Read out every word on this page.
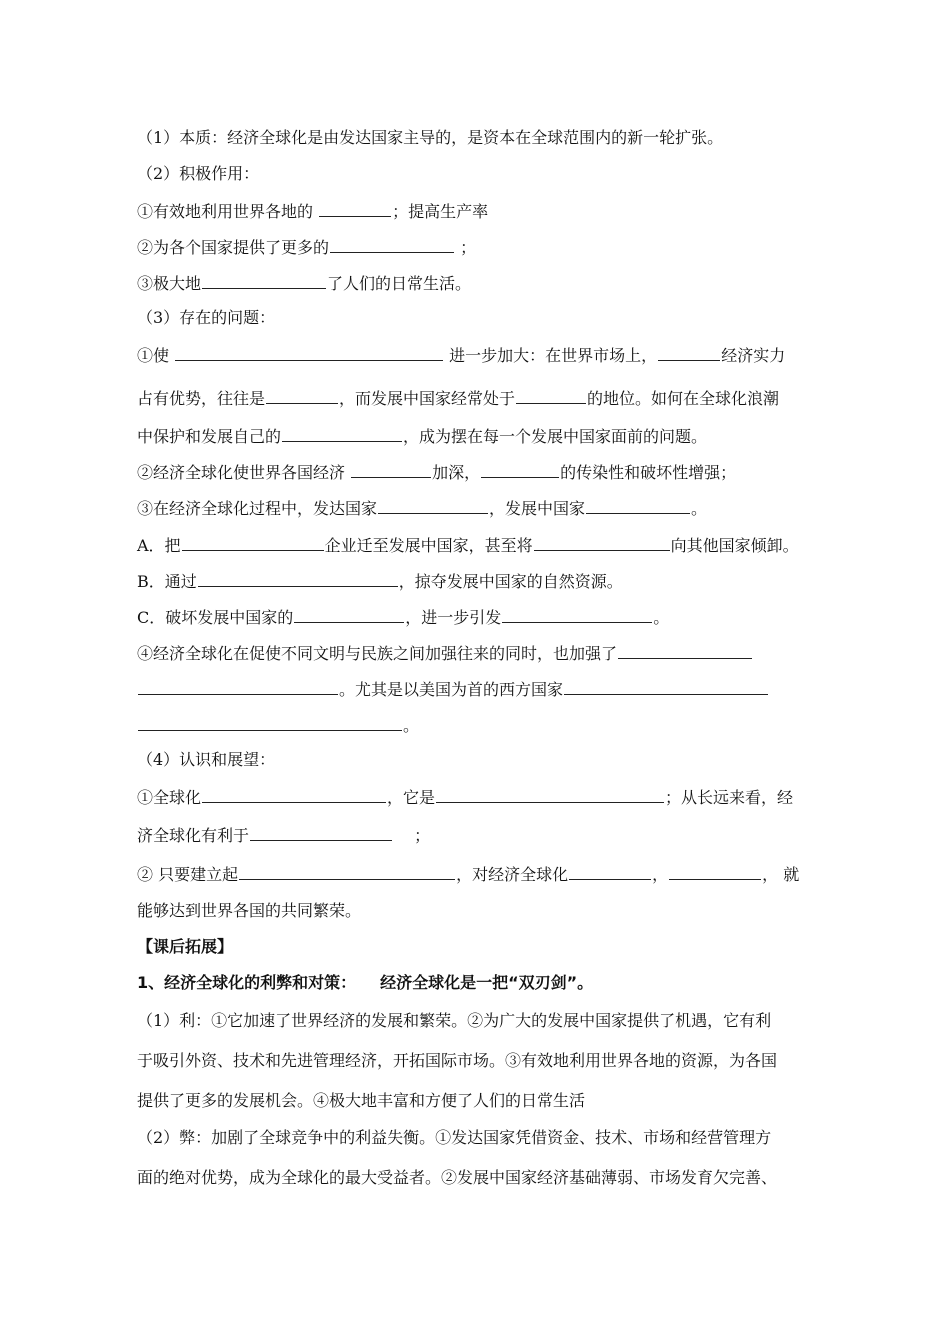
（1）本质：经济全球化是由发达国家主导的，是资本在全球范围内的新一轮扩张。
（2）积极作用：
①有效地利用世界各地的	；提高生产率
②为各个国家提供了更多的	；
③极大地	了人们的日常生活。
（3）存在的问题：
①使	进一步加大：在世界市场上，	经济实力
占有优势，往往是	，而发展中国家经常处于	的地位。如何在全球化浪潮
中保护和发展自己的	，成为摆在每一个发展中国家面前的问题。
②经济全球化使世界各国经济	加深，	的传染性和破坏性增强；
③在经济全球化过程中，发达国家	，发展中国家	。
A．把	企业迁至发展中国家，甚至将	向其他国家倾卸。
B．通过	，掠夺发展中国家的自然资源。
C．破坏发展中国家的	，进一步引发	。
④经济全球化在促使不同文明与民族之间加强往来的同时，也加强了
。尤其是以美国为首的西方国家
。
（4）认识和展望：
①全球化	，它是	；从长远来看，经
济全球化有利于	；
② 只要建立起	，对经济全球化	，	， 就
能够达到世界各国的共同繁荣。
【课后拓展】
1、经济全球化的利弊和对策：　　经济全球化是一把“双刃剑”。
（1）利：①它加速了世界经济的发展和繁荣。②为广大的发展中国家提供了机遇，它有利
于吸引外资、技术和先进管理经济，开拓国际市场。③有效地利用世界各地的资源，为各国
提供了更多的发展机会。④极大地丰富和方便了人们的日常生活
（2）弊：加剧了全球竞争中的利益失衡。①发达国家凭借资金、技术、市场和经营管理方
面的绝对优势，成为全球化的最大受益者。②发展中国家经济基础薄弱、市场发育欠完善、
